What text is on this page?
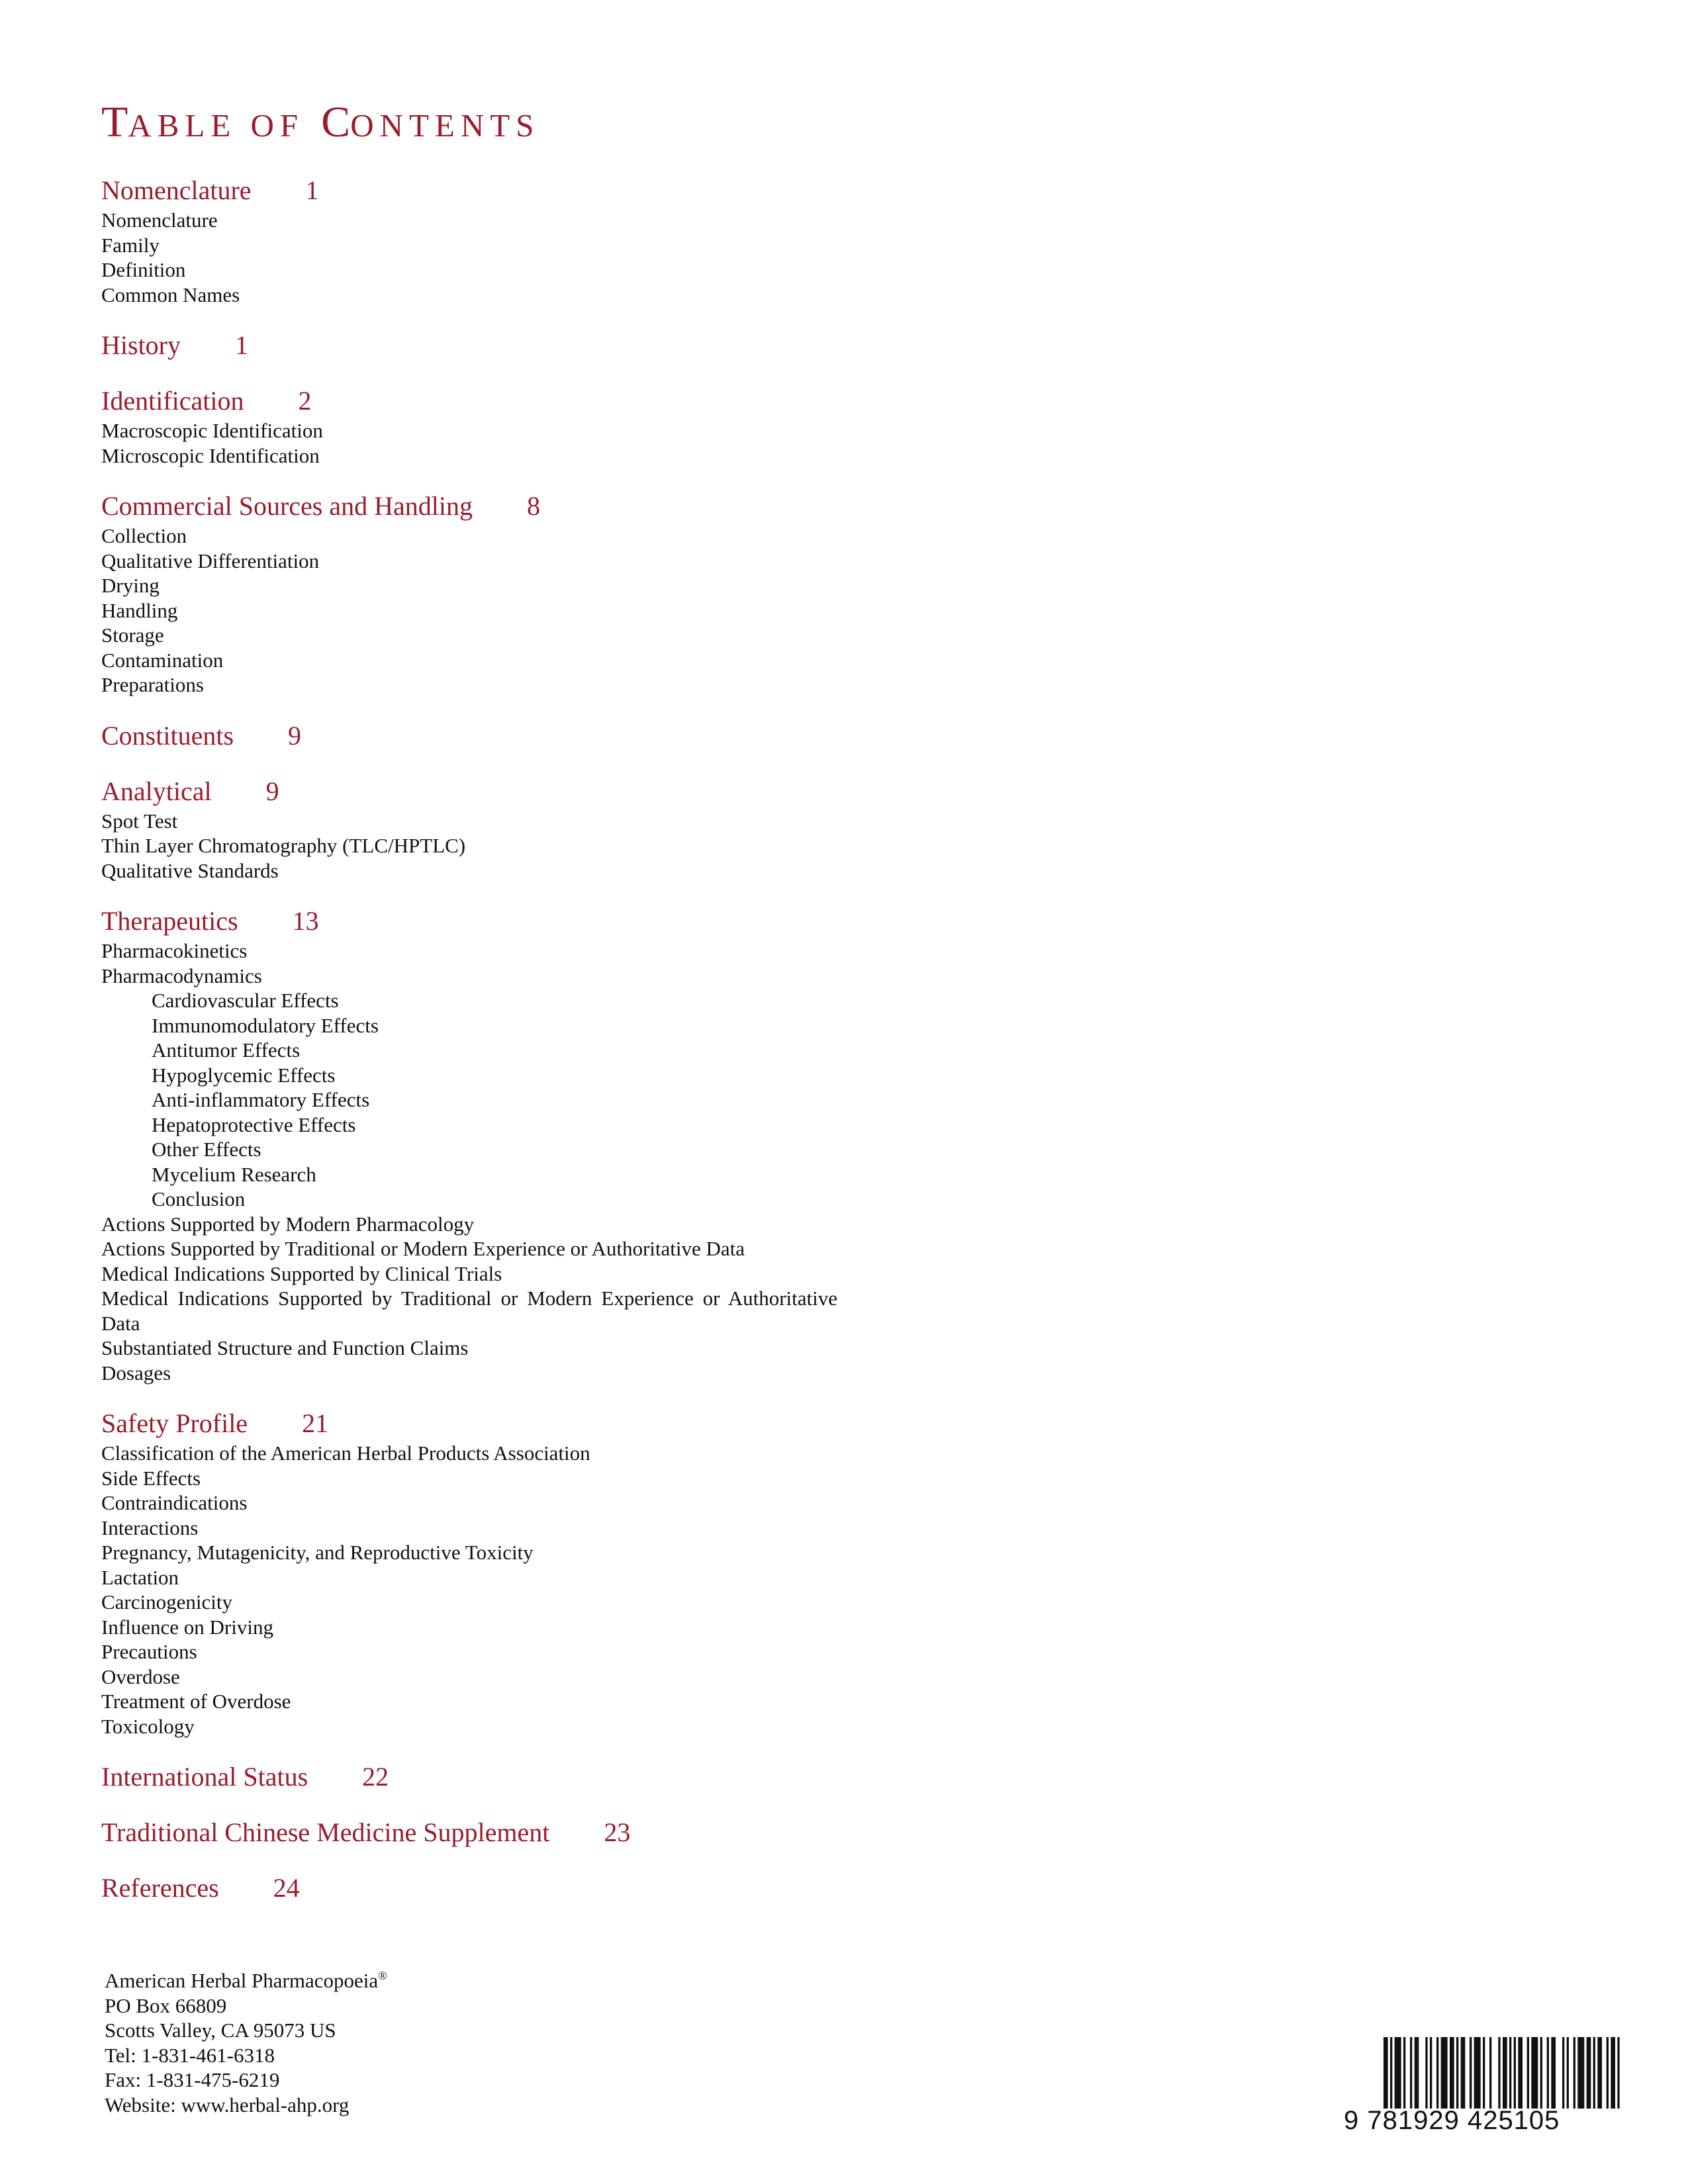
TABLE OF CONTENTS
Nomenclature 1
Nomenclature
Family
Definition
Common Names
History 1
Identification 2
Macroscopic Identification
Microscopic Identification
Commercial Sources and Handling 8
Collection
Qualitative Differentiation
Drying
Handling
Storage
Contamination
Preparations
Constituents 9
Analytical 9
Spot Test
Thin Layer Chromatography (TLC/HPTLC)
Qualitative Standards
Therapeutics 13
Pharmacokinetics
Pharmacodynamics
Cardiovascular Effects
Immunomodulatory Effects
Antitumor Effects
Hypoglycemic Effects
Anti-inflammatory Effects
Hepatoprotective Effects
Other Effects
Mycelium Research
Conclusion
Actions Supported by Modern Pharmacology
Actions Supported by Traditional or Modern Experience or Authoritative Data
Medical Indications Supported by Clinical Trials
Medical Indications Supported by Traditional or Modern Experience or Authoritative Data
Substantiated Structure and Function Claims
Dosages
Safety Profile 21
Classification of the American Herbal Products Association
Side Effects
Contraindications
Interactions
Pregnancy, Mutagenicity, and Reproductive Toxicity
Lactation
Carcinogenicity
Influence on Driving
Precautions
Overdose
Treatment of Overdose
Toxicology
International Status 22
Traditional Chinese Medicine Supplement 23
References 24
American Herbal Pharmacopoeia®
PO Box 66809
Scotts Valley, CA 95073 US
Tel: 1-831-461-6318
Fax: 1-831-475-6219
Website: www.herbal-ahp.org
9 781929 425105
